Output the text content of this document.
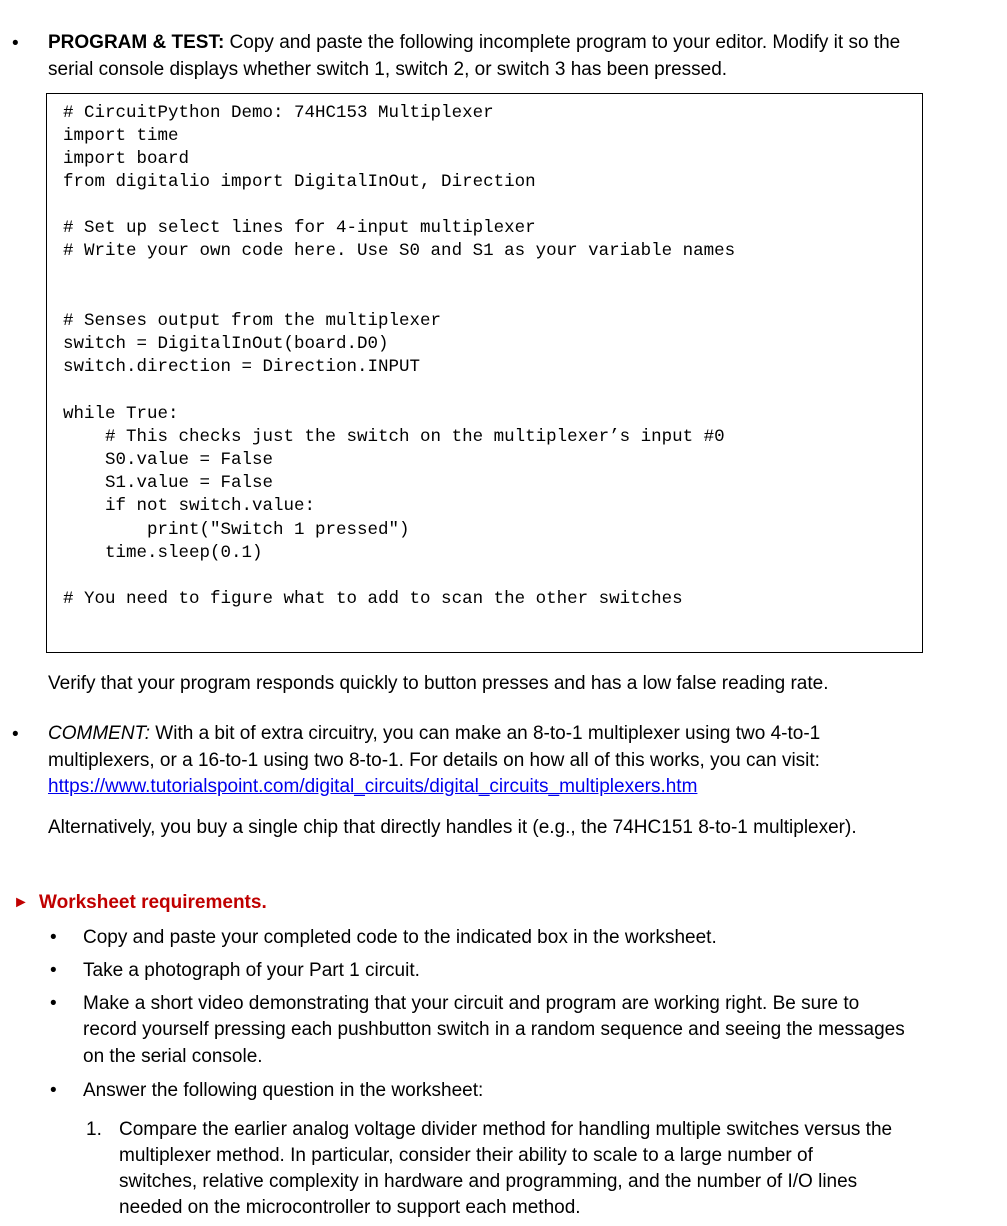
• PROGRAM & TEST: Copy and paste the following incomplete program to your editor. Modify it so the
serial console displays whether switch 1, switch 2, or switch 3 has been pressed.
# CircuitPython Demo: 74HC153 Multiplexer
import time
import board
from digitalio import DigitalInOut, Direction
# Set up select lines for 4-input multiplexer
# Write your own code here. Use S0 and S1 as your variable names
# Senses output from the multiplexer
switch = DigitalInOut(board.D0)
switch.direction = Direction.INPUT
while True:
# This checks just the switch on the multiplexer’s input #0
S0.value = False
S1.value = False
if not switch.value:
print("Switch 1 pressed")
time.sleep(0.1)
# You need to figure what to add to scan the other switches
Verify that your program responds quickly to button presses and has a low false reading rate.
• COMMENT: With a bit of extra circuitry, you can make an 8-to-1 multiplexer using two 4-to-1
multiplexers, or a 16-to-1 using two 8-to-1. For details on how all of this works, you can visit:
https://www.tutorialspoint.com/digital_circuits/digital_circuits_multiplexers.htm
Alternatively, you buy a single chip that directly handles it (e.g., the 74HC151 8-to-1 multiplexer).
► Worksheet requirements.
• Copy and paste your completed code to the indicated box in the worksheet.
• Take a photograph of your Part 1 circuit.
• Make a short video demonstrating that your circuit and program are working right. Be sure to
record yourself pressing each pushbutton switch in a random sequence and seeing the messages
on the serial console.
• Answer the following question in the worksheet:
1. Compare the earlier analog voltage divider method for handling multiple switches versus the
multiplexer method. In particular, consider their ability to scale to a large number of
switches, relative complexity in hardware and programming, and the number of I/O lines
needed on the microcontroller to support each method.
